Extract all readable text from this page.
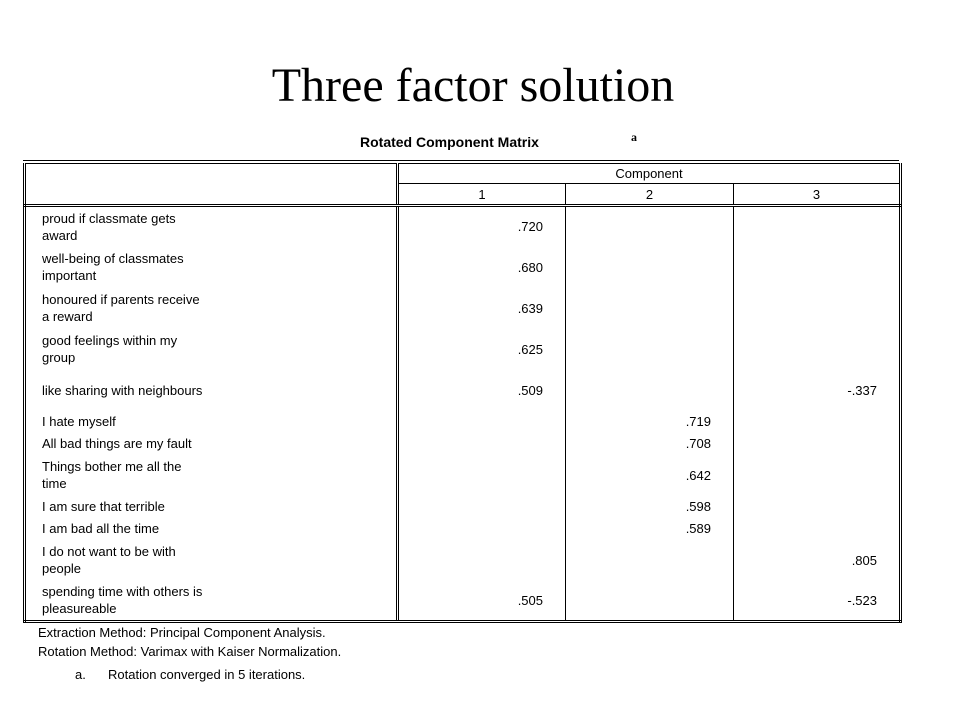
Three factor solution
Rotated Component Matrix	a
	Component		
	1	2	3
proud if classmate gets award	.720		
well-being of classmates important	.680		
honoured if parents receive a reward	.639		
good feelings within my group	.625		
like sharing with neighbours	.509		-.337
I hate myself		.719	
All bad things are my fault		.708	
Things bother me all the time		.642	
I am sure that terrible		.598	
I am bad all the time		.589	
I do not want to be with people			.805
spending time with others is pleasureable	.505		-.523
Extraction Method: Principal Component Analysis.
Rotation Method: Varimax with Kaiser Normalization.
a. Rotation converged in 5 iterations.
